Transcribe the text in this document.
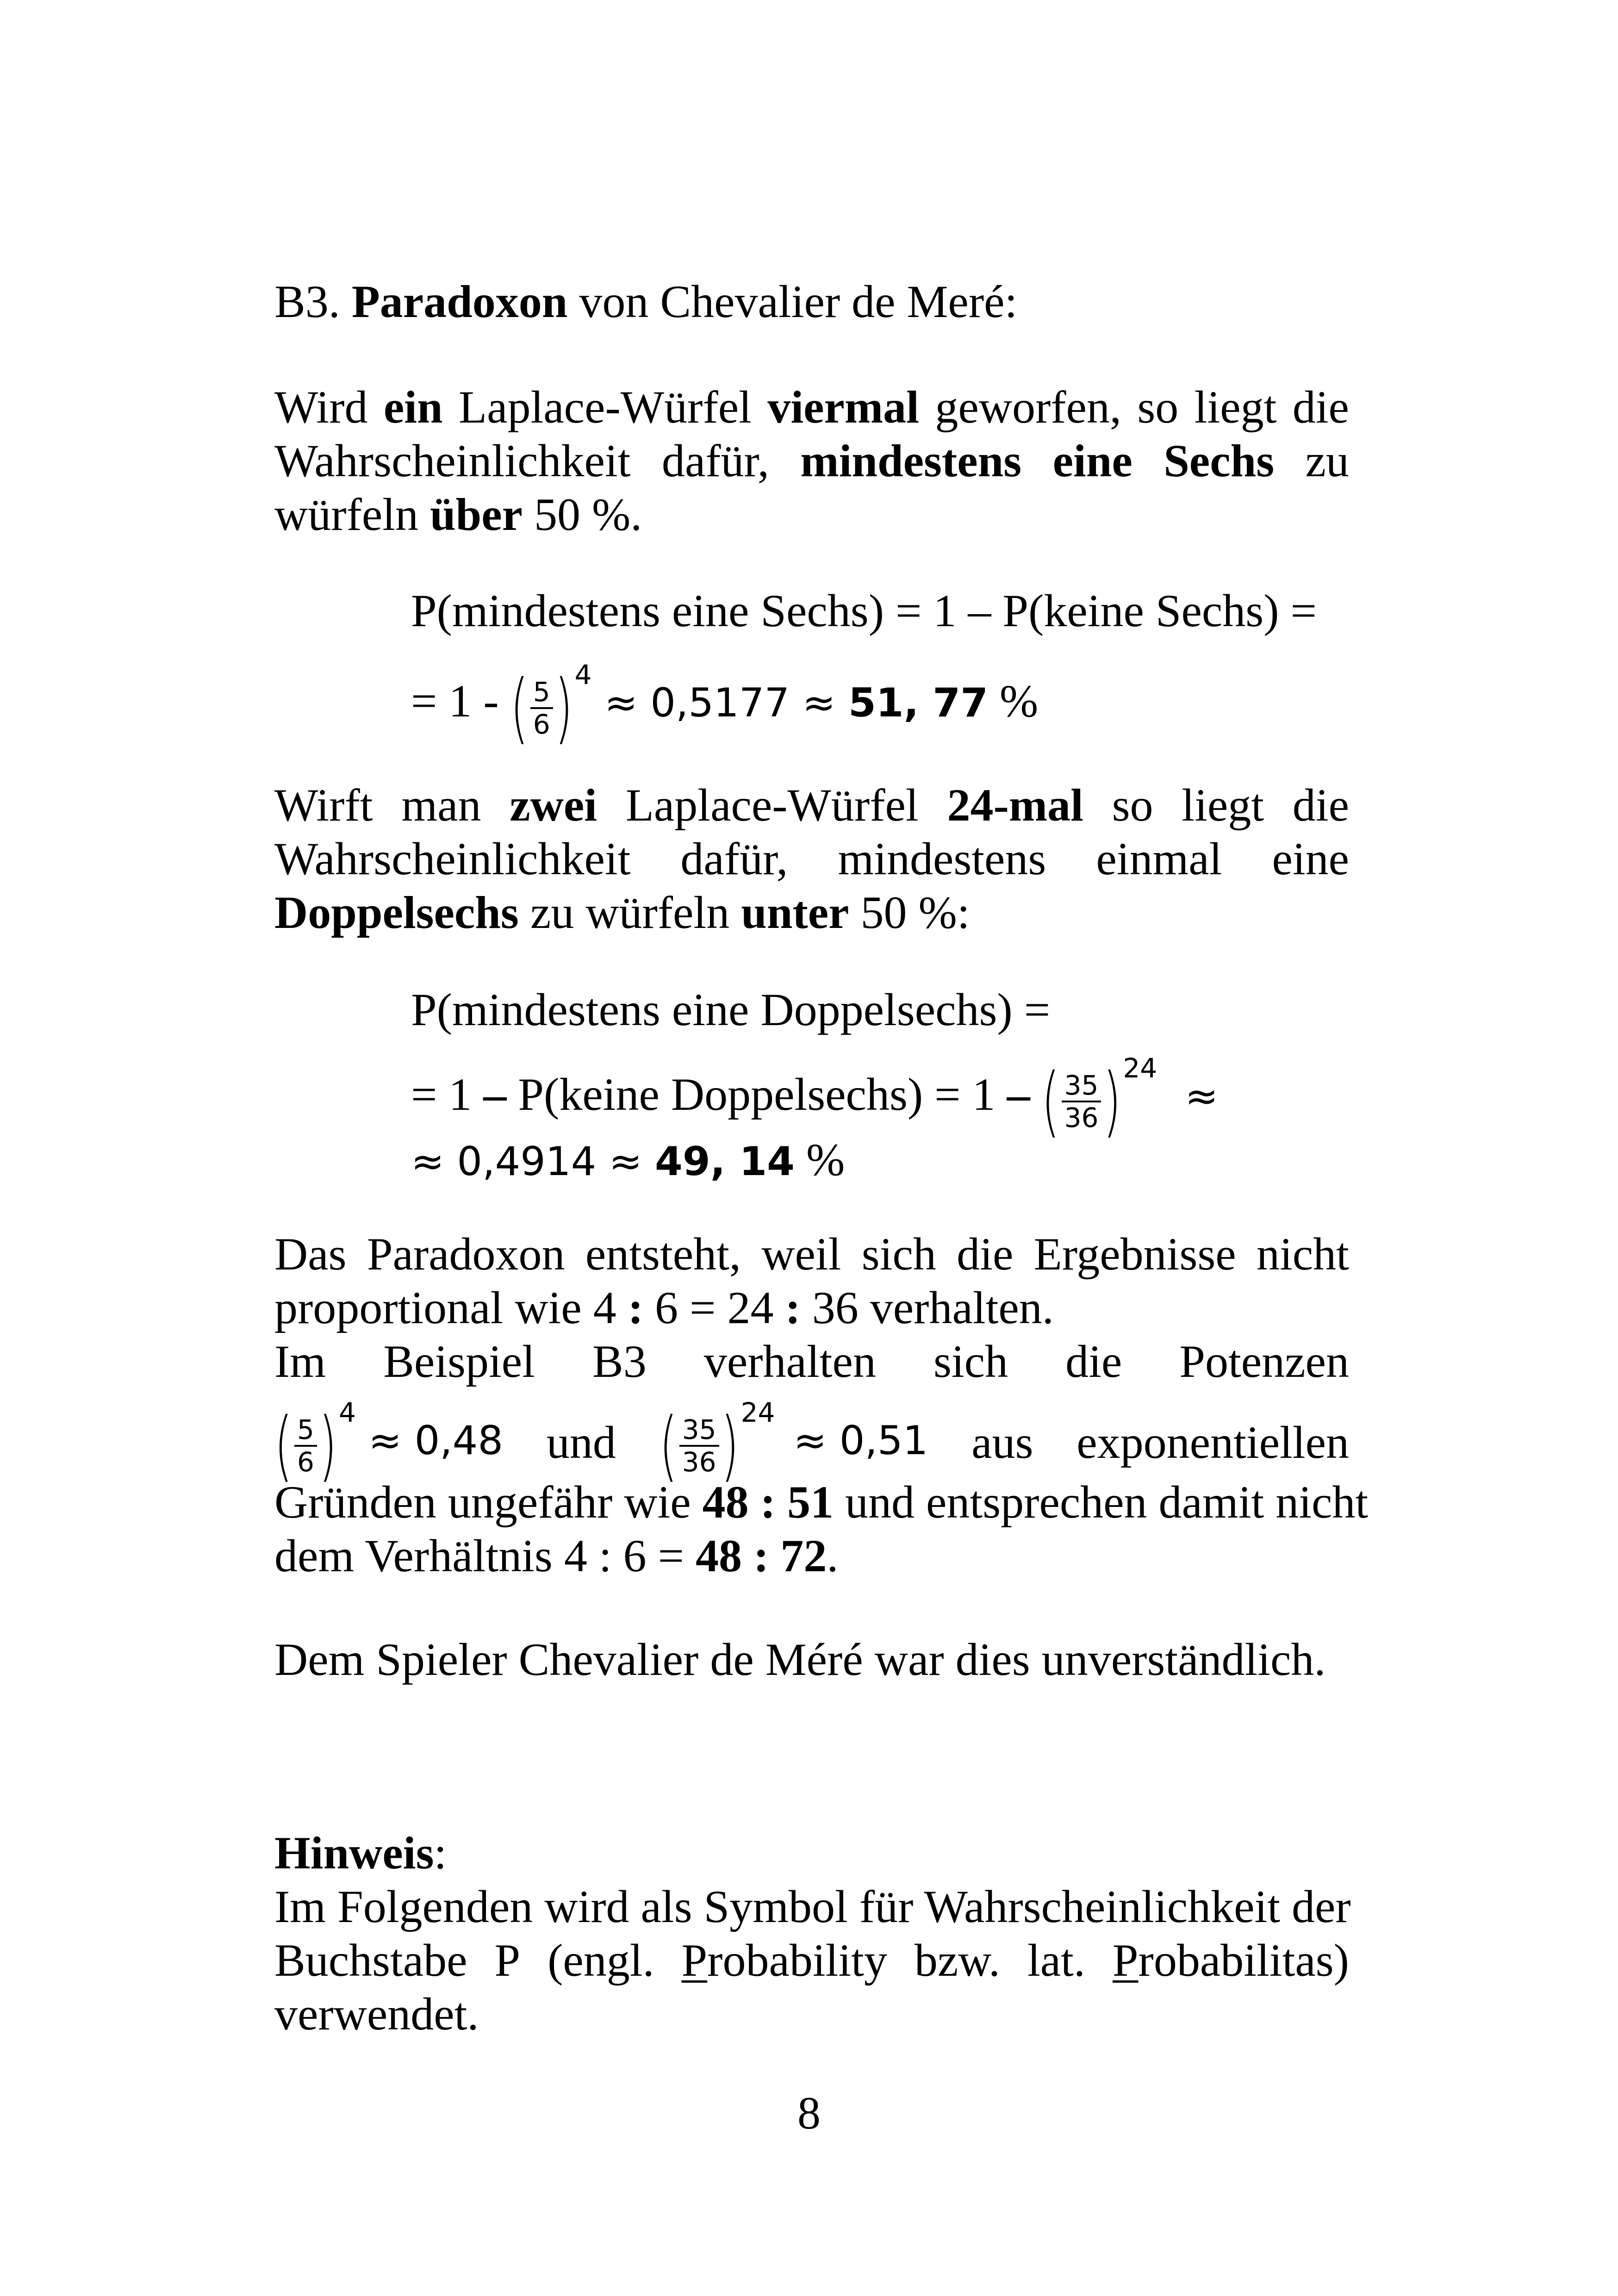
B3. Paradoxon von Chevalier de Meré:
Wird ein Laplace-Würfel viermal geworfen, so liegt die
Wahrscheinlichkeit dafür, mindestens eine Sechs zu
würfeln über 50 %.
P(mindestens eine Sechs) = 1 – P(keine Sechs) =
= 1 - ( $\frac{5}{6} )^4 \approx 0,5177 \approx 51$, 77 %
Wirft man zwei Laplace-Würfel 24-mal so liegt die
Wahrscheinlichkeit dafür, mindestens einmal eine
Doppelsechs zu würfeln unter 50 %:
P(mindestens eine Doppelsechs) =
= 1 – P(keine Doppelsechs) = 1 – ( $\frac{35}{36} )^{24}\approx$
≈ 0,4914 ≈ 49, 14 %
Das Paradoxon entsteht, weil sich die Ergebnisse nicht
proportional wie 4 : 6 = 24 : 36 verhalten.
Im Beispiel B3 verhalten sich die Potenzen
( $\frac{5}{6} )^4 \approx 0,48$ und ( $\frac{35}{36} )^{24}\approx 0,51$ aus exponentiellen
Gründen ungefähr wie 48 : 51 und entsprechen damit nicht
dem Verhältnis 4 : 6 = 48 : 72.
Dem Spieler Chevalier de Méré war dies unverständlich.
Hinweis:
Im Folgenden wird als Symbol für Wahrscheinlichkeit der
Buchstabe P (engl. Probability bzw. lat. Probabilitas)
verwendet.
8
